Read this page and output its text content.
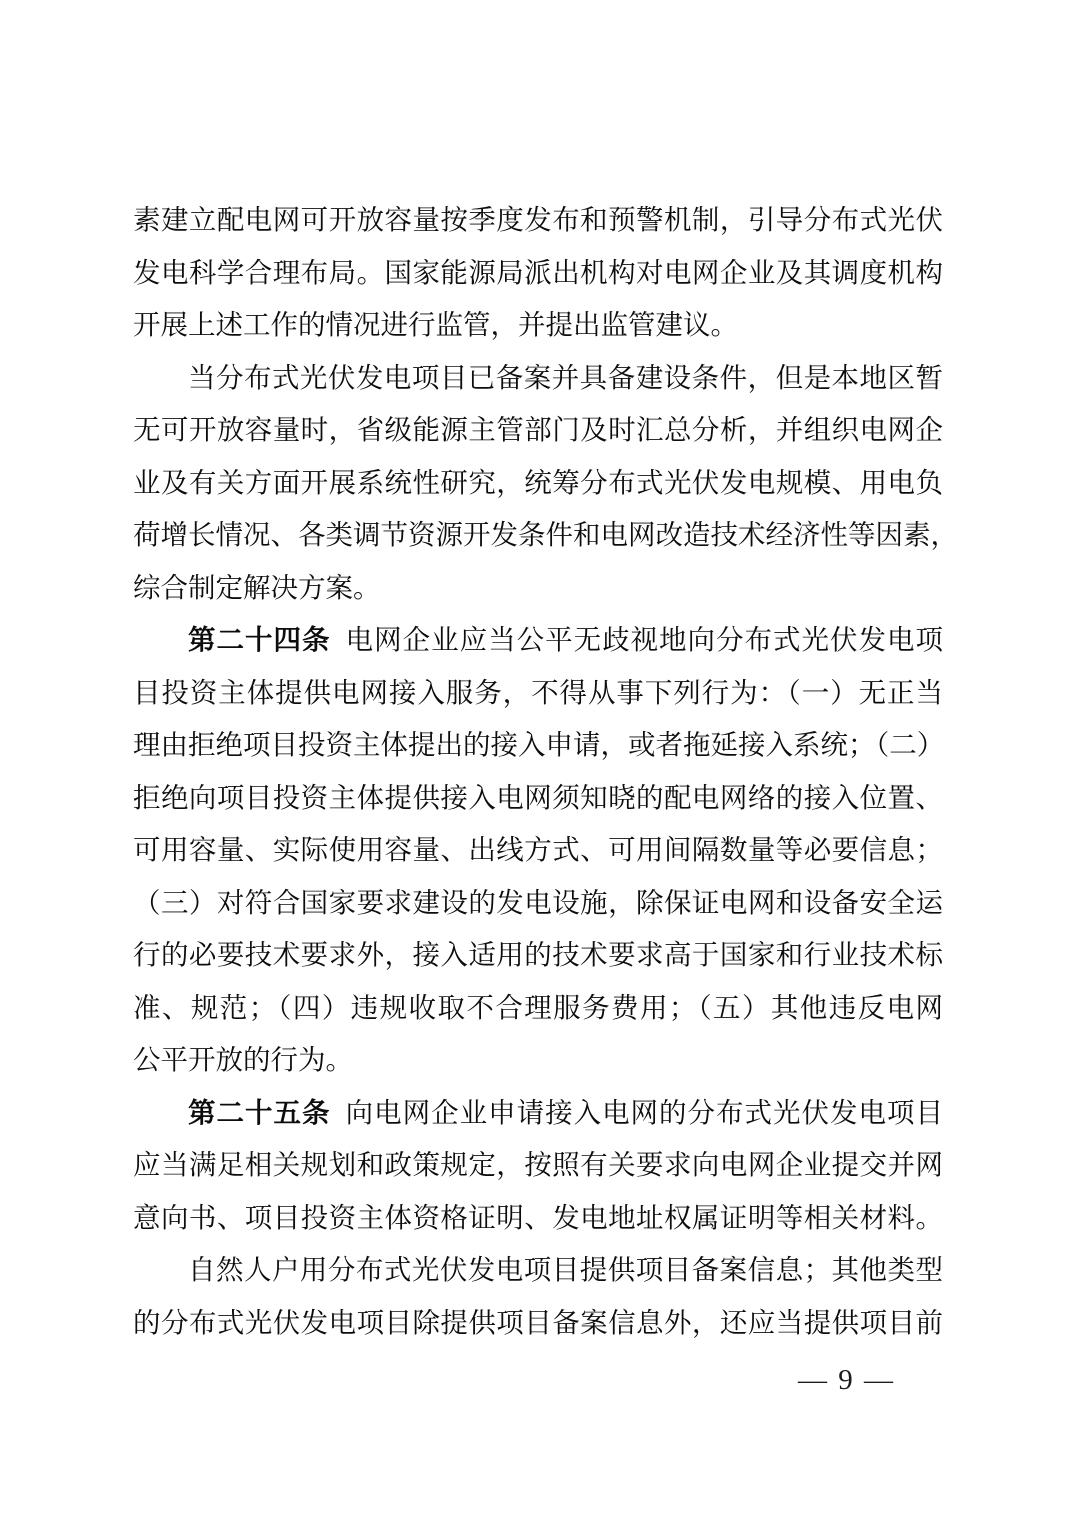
素建立配电网可开放容量按季度发布和预警机制，引导分布式光伏
发电科学合理布局。国家能源局派出机构对电网企业及其调度机构
开展上述工作的情况进行监管，并提出监管建议。
当分布式光伏发电项目已备案并具备建设条件，但是本地区暂
无可开放容量时，省级能源主管部门及时汇总分析，并组织电网企
业及有关方面开展系统性研究，统筹分布式光伏发电规模、用电负
荷增长情况、各类调节资源开发条件和电网改造技术经济性等因素，
综合制定解决方案。
第二十四条 电网企业应当公平无歧视地向分布式光伏发电项
目投资主体提供电网接入服务，不得从事下列行为：（一）无正当
理由拒绝项目投资主体提出的接入申请，或者拖延接入系统；（二）
拒绝向项目投资主体提供接入电网须知晓的配电网络的接入位置、
可用容量、实际使用容量、出线方式、可用间隔数量等必要信息；
（三）对符合国家要求建设的发电设施，除保证电网和设备安全运
行的必要技术要求外，接入适用的技术要求高于国家和行业技术标
准、规范；（四）违规收取不合理服务费用；（五）其他违反电网
公平开放的行为。
第二十五条 向电网企业申请接入电网的分布式光伏发电项目
应当满足相关规划和政策规定，按照有关要求向电网企业提交并网
意向书、项目投资主体资格证明、发电地址权属证明等相关材料。
自然人户用分布式光伏发电项目提供项目备案信息；其他类型
的分布式光伏发电项目除提供项目备案信息外，还应当提供项目前
— 9 —
